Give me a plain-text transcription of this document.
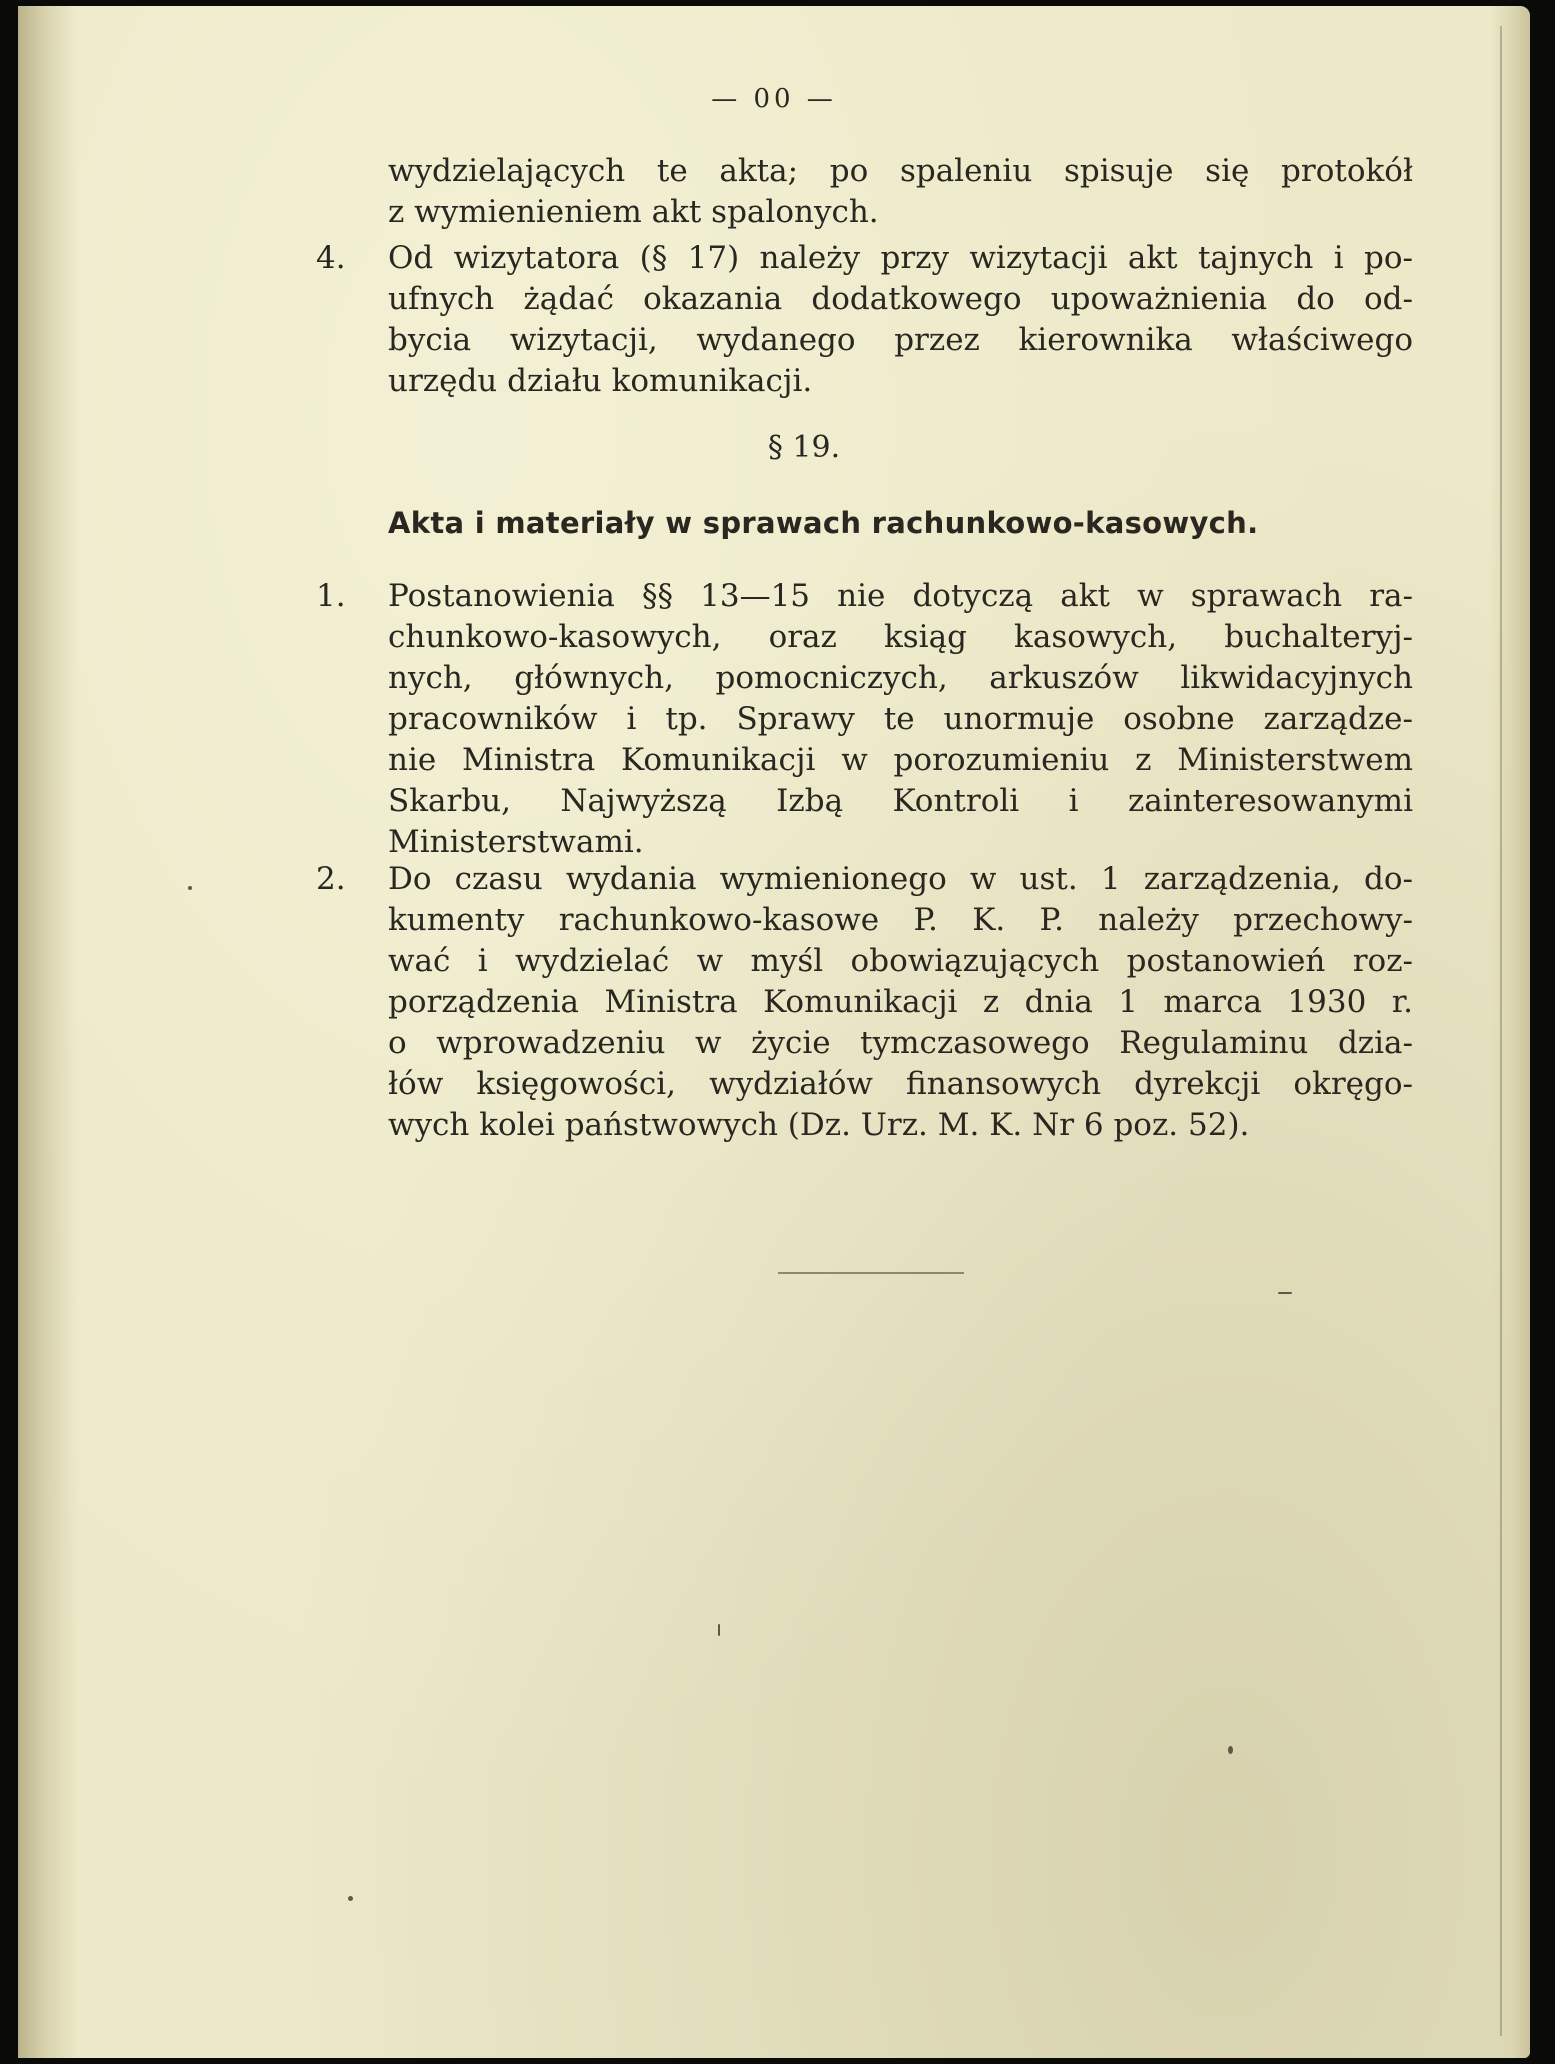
— 00 —
wydzielających te akta; po spaleniu spisuje się protokół
z wymienieniem akt spalonych.
4. Od wizytatora (§ 17) należy przy wizytacji akt tajnych i po-
ufnych żądać okazania dodatkowego upoważnienia do od-
bycia wizytacji, wydanego przez kierownika właściwego
urzędu działu komunikacji.
§ 19.
Akta i materiały w sprawach rachunkowo-kasowych.
1. Postanowienia §§ 13—15 nie dotyczą akt w sprawach ra-
chunkowo-kasowych, oraz ksiąg kasowych, buchalteryj-
nych, głównych, pomocniczych, arkuszów likwidacyjnych
pracowników i tp. Sprawy te unormuje osobne zarządze-
nie Ministra Komunikacji w porozumieniu z Ministerstwem
Skarbu, Najwyższą Izbą Kontroli i zainteresowanymi
Ministerstwami.
2. Do czasu wydania wymienionego w ust. 1 zarządzenia, do-
kumenty rachunkowo-kasowe P. K. P. należy przechowy-
wać i wydzielać w myśl obowiązujących postanowień roz-
porządzenia Ministra Komunikacji z dnia 1 marca 1930 r.
o wprowadzeniu w życie tymczasowego Regulaminu dzia-
łów księgowości, wydziałów finansowych dyrekcji okręgo-
wych kolei państwowych (Dz. Urz. M. K. Nr 6 poz. 52).
